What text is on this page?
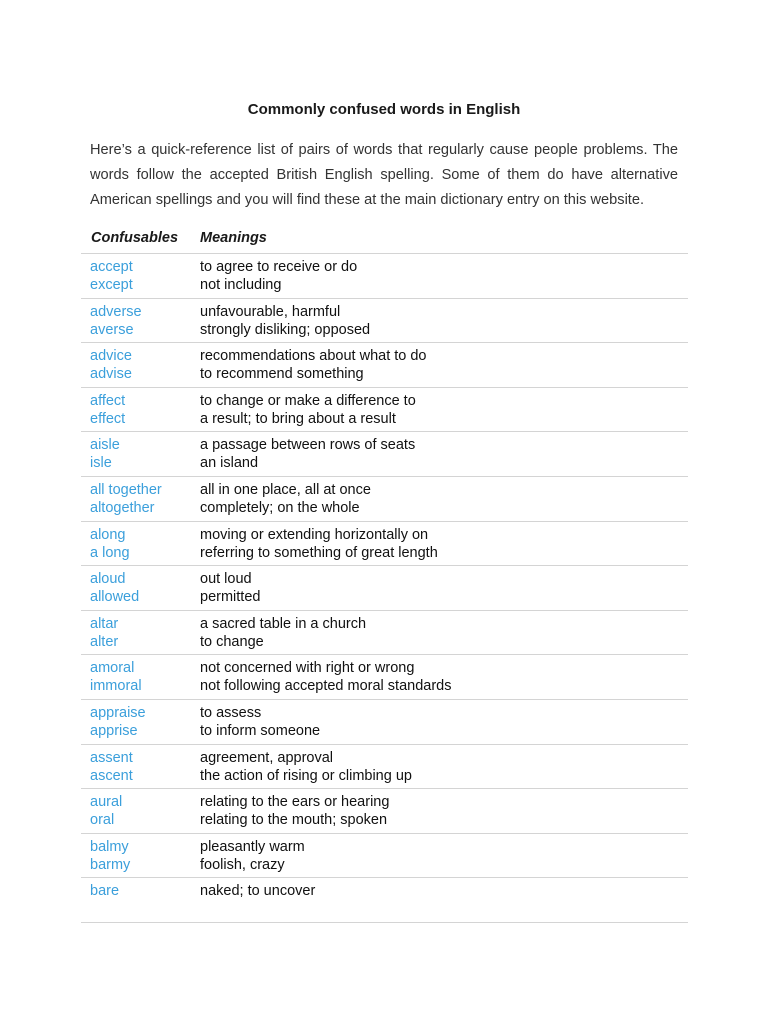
Commonly confused words in English

Here’s a quick-reference list of pairs of words that regularly cause people problems. The
words follow the accepted British English spelling. Some of them do have alternative
American spellings and you will find these at the main dictionary entry on this website.

Confusables Meanings
accept
except
to agree to receive or do
not including
adverse
averse
unfavourable, harmful
strongly disliking; opposed
advice
advise
recommendations about what to do
to recommend something
affect
effect
to change or make a difference to
a result; to bring about a result
aisle
isle
a passage between rows of seats
an island
all together
altogether
all in one place, all at once
completely; on the whole
along
a long
moving or extending horizontally on
referring to something of great length
aloud
allowed
out loud
permitted
altar
alter
a sacred table in a church
to change
amoral
immoral
not concerned with right or wrong
not following accepted moral standards
appraise
apprise
to assess
to inform someone
assent
ascent
agreement, approval
the action of rising or climbing up
aural
oral
relating to the ears or hearing
relating to the mouth; spoken
balmy
barmy
pleasantly warm
foolish, crazy
bare	naked; to uncover
